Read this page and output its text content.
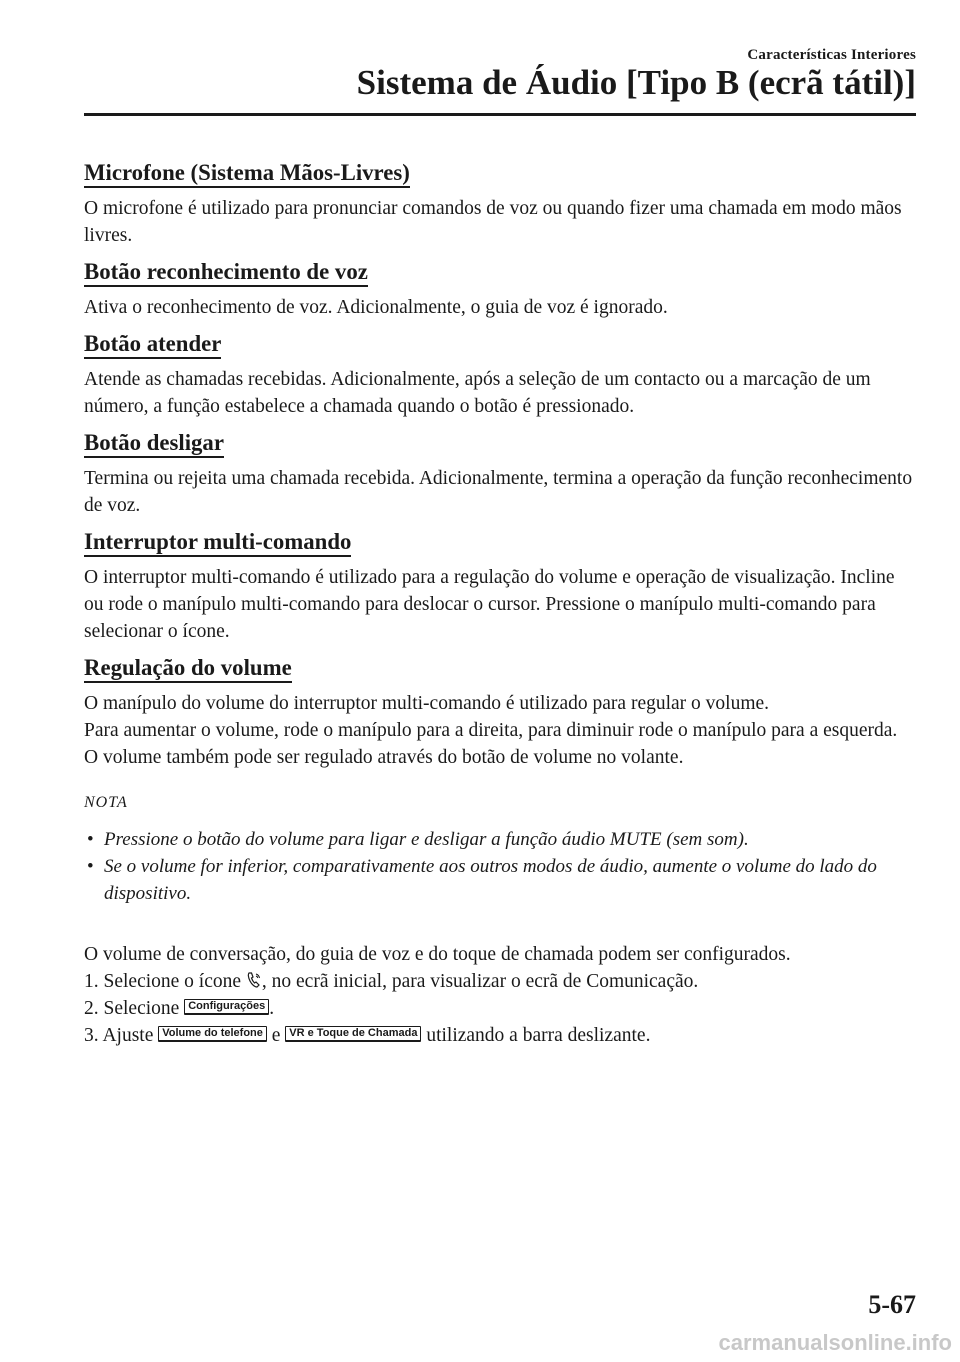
Características Interiores
Sistema de Áudio [Tipo B (ecrã tátil)]
Microfone (Sistema Mãos-Livres)

O microfone é utilizado para pronunciar comandos de voz ou quando fizer uma chamada em modo mãos livres.

Botão reconhecimento de voz

Ativa o reconhecimento de voz. Adicionalmente, o guia de voz é ignorado.

Botão atender

Atende as chamadas recebidas. Adicionalmente, após a seleção de um contacto ou a marcação de um número, a função estabelece a chamada quando o botão é pressionado.

Botão desligar

Termina ou rejeita uma chamada recebida. Adicionalmente, termina a operação da função reconhecimento de voz.

Interruptor multi-comando

O interruptor multi-comando é utilizado para a regulação do volume e operação de visualização. Incline ou rode o manípulo multi-comando para deslocar o cursor. Pressione o manípulo multi-comando para selecionar o ícone.

Regulação do volume

O manípulo do volume do interruptor multi-comando é utilizado para regular o volume.

Para aumentar o volume, rode o manípulo para a direita, para diminuir rode o manípulo para a esquerda.

O volume também pode ser regulado através do botão de volume no volante.

NOTA
• Pressione o botão do volume para ligar e desligar a função áudio MUTE (sem som).
• Se o volume for inferior, comparativamente aos outros modos de áudio, aumente o volume do lado do dispositivo.

O volume de conversação, do guia de voz e do toque de chamada podem ser configurados.

1. Selecione o ícone , no ecrã inicial, para visualizar o ecrã de Comunicação.

2. Selecione Configurações .

3. Ajuste Volume do telefone e VR e Toque de Chamada utilizando a barra deslizante.

5-67
carmanualsonline.info
